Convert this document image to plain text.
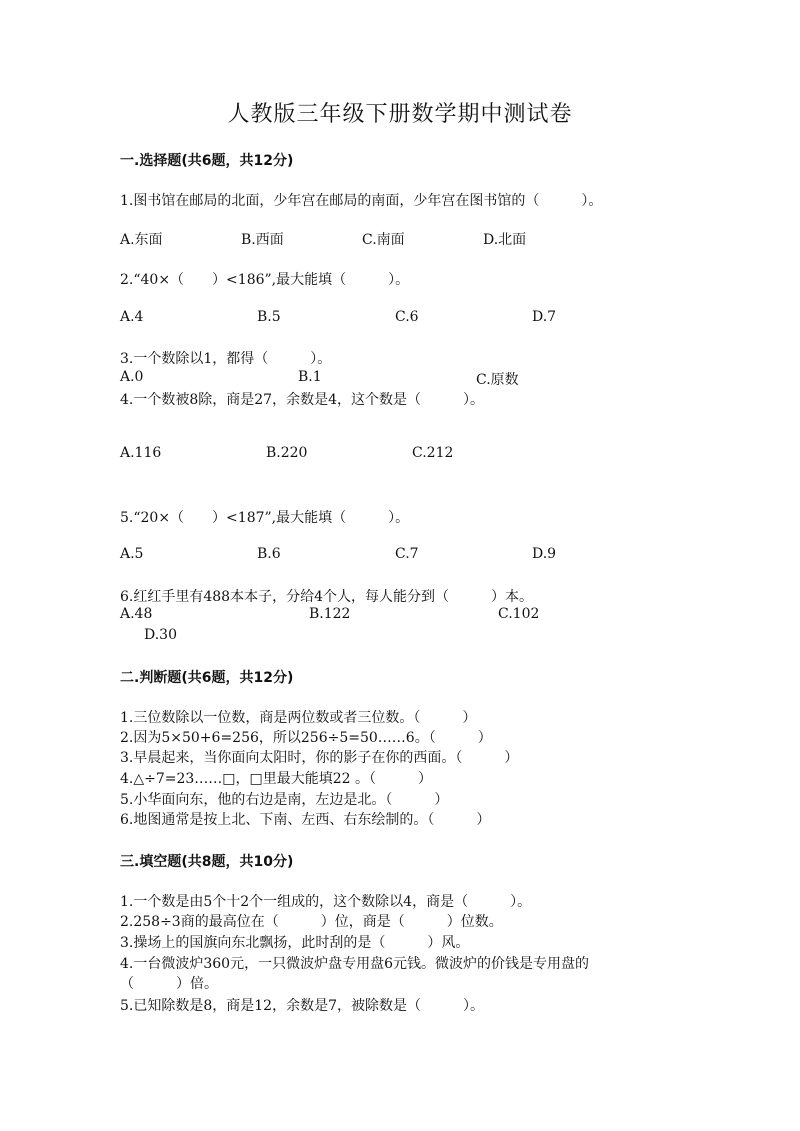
人教版三年级下册数学期中测试卷
一.选择题(共6题，共12分)
1.图书馆在邮局的北面，少年宫在邮局的南面，少年宫在图书馆的（　　　）。
A.东面	B.西面	C.南面	D.北面
2.“40×（　　）<186”,最大能填（　　　）。
A.4	B.5	C.6	D.7
3.一个数除以1，都得（　　　）。
A.0	B.1	C.原数
4.一个数被8除，商是27，余数是4，这个数是（　　　）。
A.116	B.220	C.212
5.“20×（　　）<187”,最大能填（　　　）。
A.5	B.6	C.7	D.9
6.红红手里有488本本子，分给4个人，每人能分到（　　　）本。
A.48	B.122	C.102
D.30
二.判断题(共6题，共12分)
1.三位数除以一位数，商是两位数或者三位数。（　　　）
2.因为5×50+6=256，所以256÷5=50……6。（　　　）
3.早晨起来，当你面向太阳时，你的影子在你的西面。（　　　）
4.△÷7=23……□，□里最大能填22 。（　　　）
5.小华面向东，他的右边是南，左边是北。（　　　）
6.地图通常是按上北、下南、左西、右东绘制的。（　　　）
三.填空题(共8题，共10分)
1.一个数是由5个十2个一组成的，这个数除以4，商是（　　　）。
2.258÷3商的最高位在（　　　）位，商是（　　　）位数。
3.操场上的国旗向东北飘扬，此时刮的是（　　　）风。
4.一台微波炉360元，一只微波炉盘专用盘6元钱。微波炉的价钱是专用盘的
（　　　）倍。
5.已知除数是8，商是12，余数是7，被除数是（　　　）。
